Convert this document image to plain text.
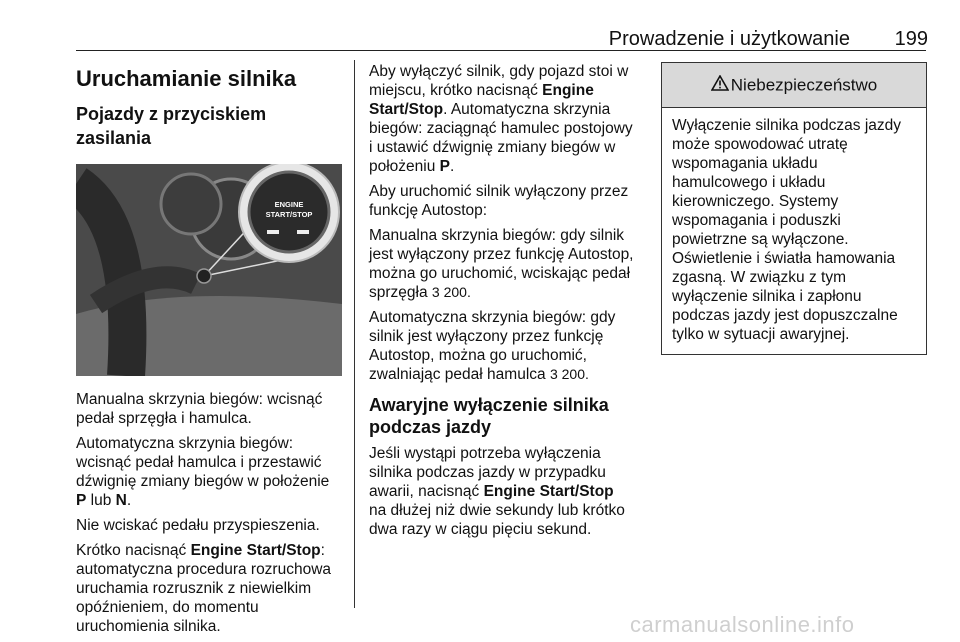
Prowadzenie i użytkowanie	199
Uruchamianie silnika
Pojazdy z przyciskiem zasilania
ENGINE
START/STOP

Manualna skrzynia biegów: wcisnąć pedał sprzęgła i hamulca.

Automatyczna skrzynia biegów: wcisnąć pedał hamulca i przestawić dźwignię zmiany biegów w położenie P lub N.

Nie wciskać pedału przyspieszenia.

Krótko nacisnąć Engine Start/Stop: automatyczna procedura rozruchowa uruchamia rozrusznik z niewielkim opóźnieniem, do momentu uruchomienia silnika.

Aby wyłączyć silnik, gdy pojazd stoi w miejscu, krótko nacisnąć Engine Start/Stop. Automatyczna skrzynia biegów: zaciągnąć hamulec postojowy i ustawić dźwignię zmiany biegów w położeniu P.

Aby uruchomić silnik wyłączony przez funkcję Autostop:

Manualna skrzynia biegów: gdy silnik jest wyłączony przez funkcję Autostop, można go uruchomić, wciskając pedał sprzęgła 3 200.

Automatyczna skrzynia biegów: gdy silnik jest wyłączony przez funkcję Autostop, można go uruchomić, zwalniając pedał hamulca 3 200.

Awaryjne wyłączenie silnika podczas jazdy

Jeśli wystąpi potrzeba wyłączenia silnika podczas jazdy w przypadku awarii, nacisnąć Engine Start/Stop na dłużej niż dwie sekundy lub krótko dwa razy w ciągu pięciu sekund.

Niebezpieczeństwo
Wyłączenie silnika podczas jazdy może spowodować utratę wspomagania układu hamulcowego i układu kierowniczego. Systemy wspomagania i poduszki powietrzne są wyłączone. Oświetlenie i światła hamowania zgasną. W związku z tym wyłączenie silnika i zapłonu podczas jazdy jest dopuszczalne tylko w sytuacji awaryjnej.
carmanualsonline.info
